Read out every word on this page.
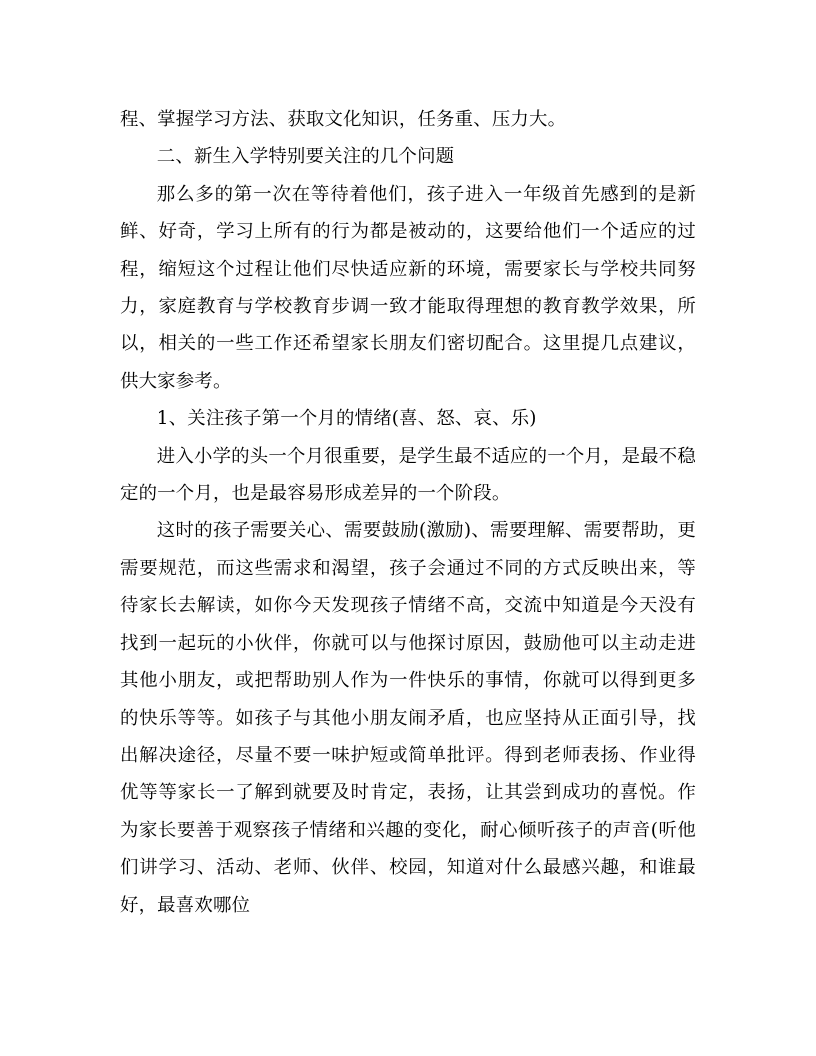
程、掌握学习方法、获取文化知识，任务重、压力大。

二、新生入学特别要关注的几个问题

那么多的第一次在等待着他们，孩子进入一年级首先感到的是新鲜、好奇，学习上所有的行为都是被动的，这要给他们一个适应的过程，缩短这个过程让他们尽快适应新的环境，需要家长与学校共同努力，家庭教育与学校教育步调一致才能取得理想的教育教学效果，所以，相关的一些工作还希望家长朋友们密切配合。这里提几点建议，供大家参考。

1、关注孩子第一个月的情绪(喜、怒、哀、乐)

进入小学的头一个月很重要，是学生最不适应的一个月，是最不稳定的一个月，也是最容易形成差异的一个阶段。

这时的孩子需要关心、需要鼓励(激励)、需要理解、需要帮助，更需要规范，而这些需求和渴望，孩子会通过不同的方式反映出来，等待家长去解读，如你今天发现孩子情绪不高，交流中知道是今天没有找到一起玩的小伙伴，你就可以与他探讨原因，鼓励他可以主动走进其他小朋友，或把帮助别人作为一件快乐的事情，你就可以得到更多的快乐等等。如孩子与其他小朋友闹矛盾，也应坚持从正面引导，找出解决途径，尽量不要一味护短或简单批评。得到老师表扬、作业得优等等家长一了解到就要及时肯定，表扬，让其尝到成功的喜悦。作为家长要善于观察孩子情绪和兴趣的变化，耐心倾听孩子的声音(听他们讲学习、活动、老师、伙伴、校园，知道对什么最感兴趣，和谁最好，最喜欢哪位
